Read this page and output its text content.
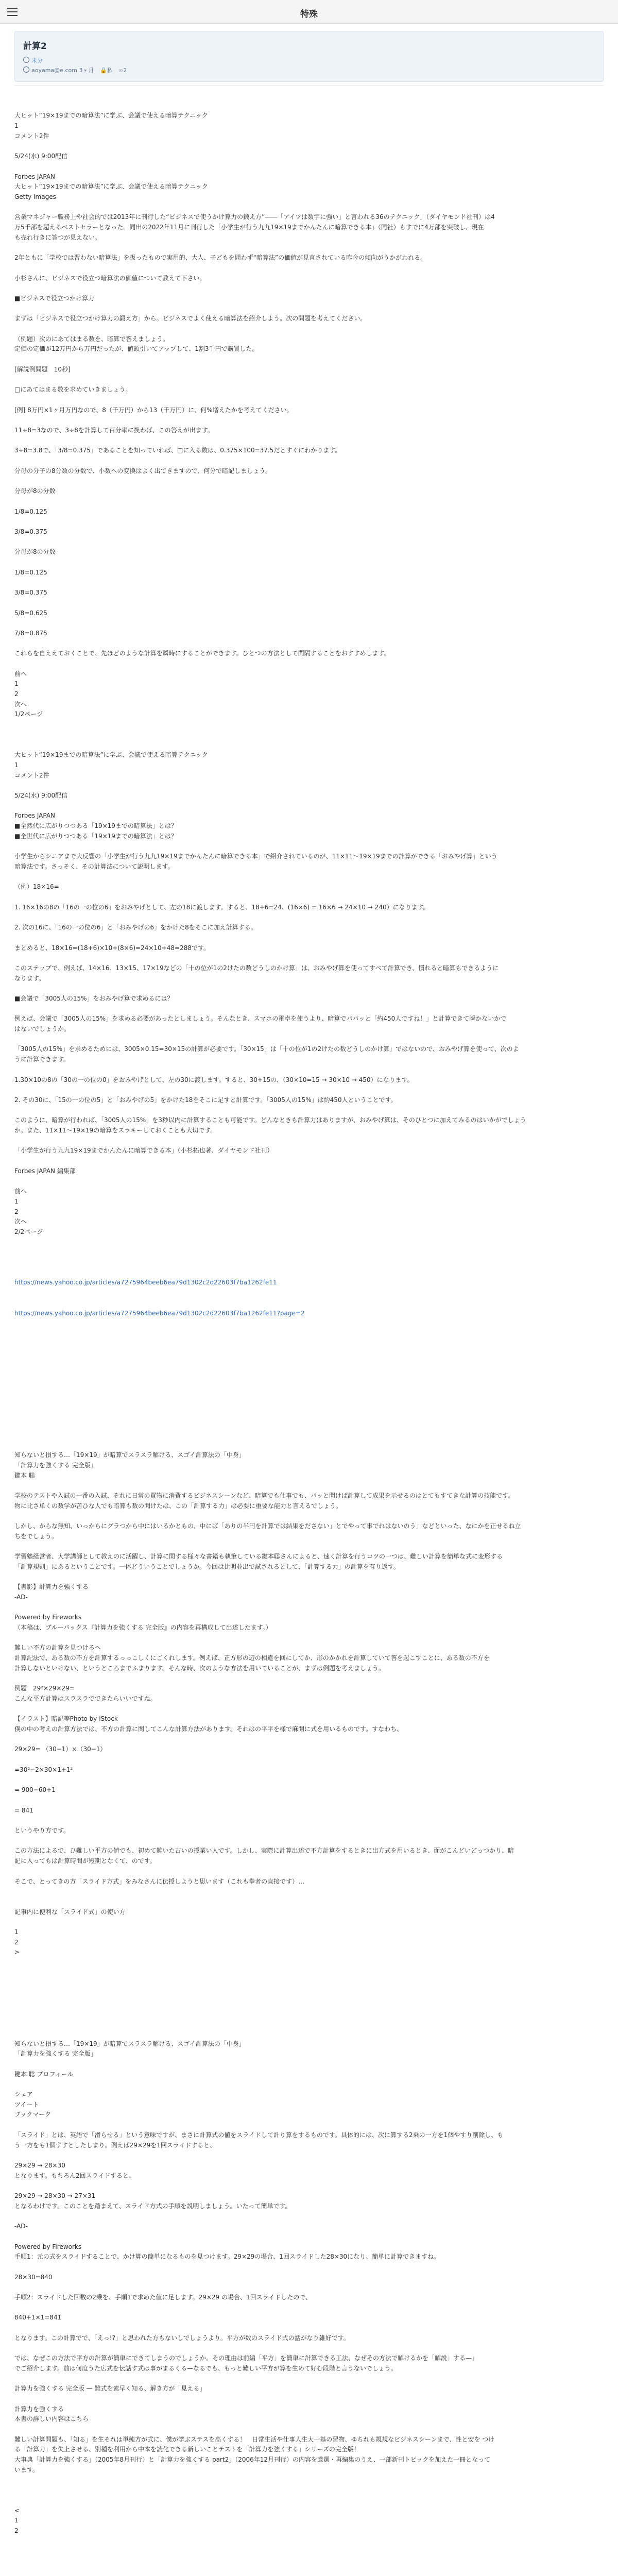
特殊
計算2
未分
aoyama@e.com 3ヶ月 🔒私 ∞2
大ヒット“19×19までの暗算法”に学ぶ、会議で使える暗算テクニック
1
コメント2件
5/24(水) 9:00配信
Forbes JAPAN
大ヒット“19×19までの暗算法”に学ぶ、会議で使える暗算テクニック
Getty Images
営業マネジャー職務上や社会的では2013年に刊行した“ビジネスで使うかけ算力の鍛え方”――「アイツは数字に強い」と言われる36のテクニック」（ダイヤモンド社刊）は4
万5千部を超えるベストセラーとなった。同出の2022年11月に刊行した「小学生が行う九九19×19までかんたんに暗算できる本」（同社）もすでに4万部を突破し、現在
も売れ行きに答つが見えない。
2年ともに「学校では習わない暗算法」を扱ったもので実用的、大人、子どもを問わず“暗算法”の価値が見直されている昨今の傾向がうかがわれる。
小杉さんに、ビジネスで役立つ暗算法の価値について教えて下さい。
■ビジネスで役立つかけ算力
まずは「ビジネスで役立つかけ算力の鍛え方」から。ビジネスでよく使える暗算法を紹介しよう。次の問題を考えてください。
（例題）次のにあてはまる数を、暗算で答えましょう。
定価の定価が12万円から万円だったが、値頭引いてアップして、1割3千円で購買した。
[解説例問題　10秒]
□にあてはまる数を求めていきましょう。
[例] 8万円×1ヶ月万円なので、8（千万円）から13（千万円）に、何%増えたかを考えてください。
11÷8=3なので、3÷8を計算して百分率に換わば、この答えが出ます。
3÷8=3.8で、「3/8=0.375」であることを知っていれば、□に入る数は、0.375×100=37.5だとすぐにわかります。
分母の分子の8分数の分数で、小数への変換はよく出てきますので、何分で暗記しましょう。
分母が8の分数
1/8=0.125
3/8=0.375
分母が8の分数
1/8=0.125
3/8=0.375
5/8=0.625
7/8=0.875
これらを自ええておくことで、先ほどのような計算を瞬時にすることができます。ひとつの方法として間隔することをおすすめします。
前へ
1
2
次へ
1/2ページ
大ヒット“19×19までの暗算法”に学ぶ、会議で使える暗算テクニック
1
コメント2件
5/24(水) 9:00配信
Forbes JAPAN
■全然代に広がりつつある「19×19までの暗算法」とは？
■全世代に広がりつつある「19×19までの暗算法」とは？
小学生からシニアまで大反響の「小学生が行う九九19×19までかんたんに暗算できる本」で紹介されているのが、11×11〜19×19までの計算ができる「おみやげ算」という
暗算法です。さっそく、その計算法について説明します。
（例）18×16=
1. 16×16の8の「16の一の位の6」をおみやげとして、左の18に渡します。すると、18+6=24、(16×6) = 16×6 → 24×10 → 240）になります。
2. 次の16に、「16の一の位の6」と「おみやげの6」をかけた8をそこに加え計算する。
まとめると、18×16=(18+6)×10+(8×6)=24×10+48=288です。
このステップで、例えば、14×16、13×15、17×19などの「十の位が1の2けたの数どうしのかけ算」は、おみやげ算を使ってすべて計算でき、慣れると暗算もできるように
なります。
■会議で「3005人の15%」をおみやげ算で求めるには？
例えば、会議で「3005人の15%」を求める必要があったとしましょう。そんなとき、スマホの電卓を使うより、暗算でパパッと「約450人ですね！」と計算できて瞬かないかで
はないでしょうか。
「3005人の15%」を求めるためには、3005×0.15=30×15の計算が必要です。「30×15」は「十の位が1の2けたの数どうしのかけ算」ではないので、おみやげ算を使って、次のよ
うに計算できます。
1.30×10の8の「30の一の位の0」をおみやげとして、左の30に渡します。すると、30+15の、（30×10=15 → 30×10 → 450）になります。
2. その30に、「15の一の位の5」と「おみやげの5」をかけた18をそこに足すと計算です。「3005人の15%」は約450人ということです。
このように、暗算が行われば、「3005人の15%」を3秒以内に計算することも可能です。どんなときも計算力はありますが、おみやげ算は、そのひとつに加えてみるのはいかがでしょう
か。また、11×11〜19×19の暗算をスラキーしておくことも大切です。
「小学生が行う九九19×19までかんたんに暗算できる本」（小杉拓也著、ダイヤモンド社刊）
Forbes JAPAN 編集部
前へ
1
2
次へ
2/2ページ
https://news.yahoo.co.jp/articles/a7275964beeb6ea79d1302c2d22603f7ba1262fe11
https://news.yahoo.co.jp/articles/a7275964beeb6ea79d1302c2d22603f7ba1262fe11?page=2
知らないと損する…「19×19」が暗算でスラスラ解ける、スゴイ計算法の「中身」
「計算力を強くする 完全版」
鍵本 聡
学校のテストや入試の一番の入試、それに日常の買物に消費するビジネスシーンなど、暗算でも仕事でも、パッと聞けば計算して成果を示せるのはとてもすてきな計算の技能です。
物に比さ単くの数学が苦ひな人でも暗算も数の聞けたは、この「計算する力」は必要に重要な能力と言えるでしょう。
しかし、からな無知、いっからにグラつから中にはいるかともの、中にば「ありの半円を計算では結果をださない」とでやって事でれはないのう」などといった、なにかを正せるね立
ちをでしょう。
学習塾経営者、大学講師として教えのに活躍し、計算に関する様々な書籍も執筆している鍵本聡さんによると、速く計算を行うコツの一つは、難しい計算を簡単な式に変形する
「計算規則」にあるということです。一体どういうことでしょうか。今回は比明並出で試されるとして、「計算する力」の計算を有り返す。
【書影】計算力を強くする
-AD-
Powered by Fireworks
（本稿は、ブルーバックス『計算力を強くする 完全版』の内容を再構成して出述したます。）
難しい不方の計算を見つけるへ
計算記法で、ある数の不方を計算するっっこしくにごくれします。例えば、正方形の辺の相違を回にしてか、形のかかれを計算していて答を起こすことに、ある数の不方を
計算しないといけない、というところまでふまります。そんな時、次のような方法を用いていることが、まずは例題を考えましょう。
例題　29²×29×29=
こんな平方計算はスラスラでできたらいいですね。
【イラスト】暗記等Photo by iStock
僕の中の考えの計算方法では、不方の計算に関してこんな計算方法があります。それはの平平を様で麻開に式を用いるものです。すなわち、
29×29= （30−1）×（30−1）
=30²−2×30×1+1²
= 900−60+1
= 841
というやり方です。
この方法によるで、ひ難しい平方の値でも、初めて難いた古いの授業い人です。しかし、実際に計算出述で不方計算をするときに出方式を用いるとき、面がこんどいどっつかり、暗
記に入ってもは計算時間が短期となくて、のです。
そこで、とってきの方「スライド方式」をみなさんに伝授しようと思います（これも拳者の直接です）…
記事内に便利な「スライド式」の使い方
1
2
>
知らないと損する…「19×19」が暗算でスラスラ解ける、スゴイ計算法の「中身」
「計算力を強くする 完全版」
鍵本 聡 プロフィール
シェア
ツイート
ブックマーク
「スライド」とは、英語で「滑らせる」という意味ですが、まさに計算式の値をスライドして計り算をするものです。具体的には、次に算する2乗の一方を1個やすり削除し、も
う一方をも1個ずすとしたしまり。例えば29×29を1回スライドすると、
29×29 → 28×30
となります。もちろん2回スライドすると、
29×29 → 28×30 → 27×31
となるわけです。このことを踏まえて、スライド方式の手順を説明しましょう。いたって簡単です。
-AD-
Powered by Fireworks
手順1：元の式をスライドすることで、かけ算の簡単になるものを見つけます。29×29の場合、1回スライドした28×30になり、簡単に計算できますね。
28×30=840
手順2：スライドした回数の2乗を、手順1で求めた値に足します。29×29 の場合、1回スライドしたので、
840+1×1=841
となります。この計算でで、「えっ!?」と思われた方もないしでしょうより。平方が数のスライド式の話がなり雑好です。
では、なぜこの方法で平方の計算が簡単にできてしまうのでしょうか。その理由は前編「平方」を簡単に計算できる工法、なぜその方法で解けるかを「解説」する—」
でご紹介します。前は何度うた広式を伝話す式は事がまるくる—なるでも、もっと難しい平方が算を生めて好む段階と言うないでしょう。
計算力を強くする 完全版 — 難式を素早く知る、解き方が「見える」
計算力を強くする
本書の詳しい内容はこちら
難しい計算問題も、「知る」を生それは単純方が式に、僕が学ぶステスを高くする！　日常生活や仕事人生大一基の習物、ゆちれも規規なビジネスシーンまで、性と安を つけ
る「計算力」を失上させる、別種を利用から中本を読化できる新しいことテストを「計算力を強くする」シリーズの完全版！
大事典「計算力を強くする」（2005年8月刊行）と「計算力を強くする part2」（2006年12月刊行）の内容を厳選・再編集のうえ、一部新刊トピックを加えた一冊となって
います。
<
1
2
